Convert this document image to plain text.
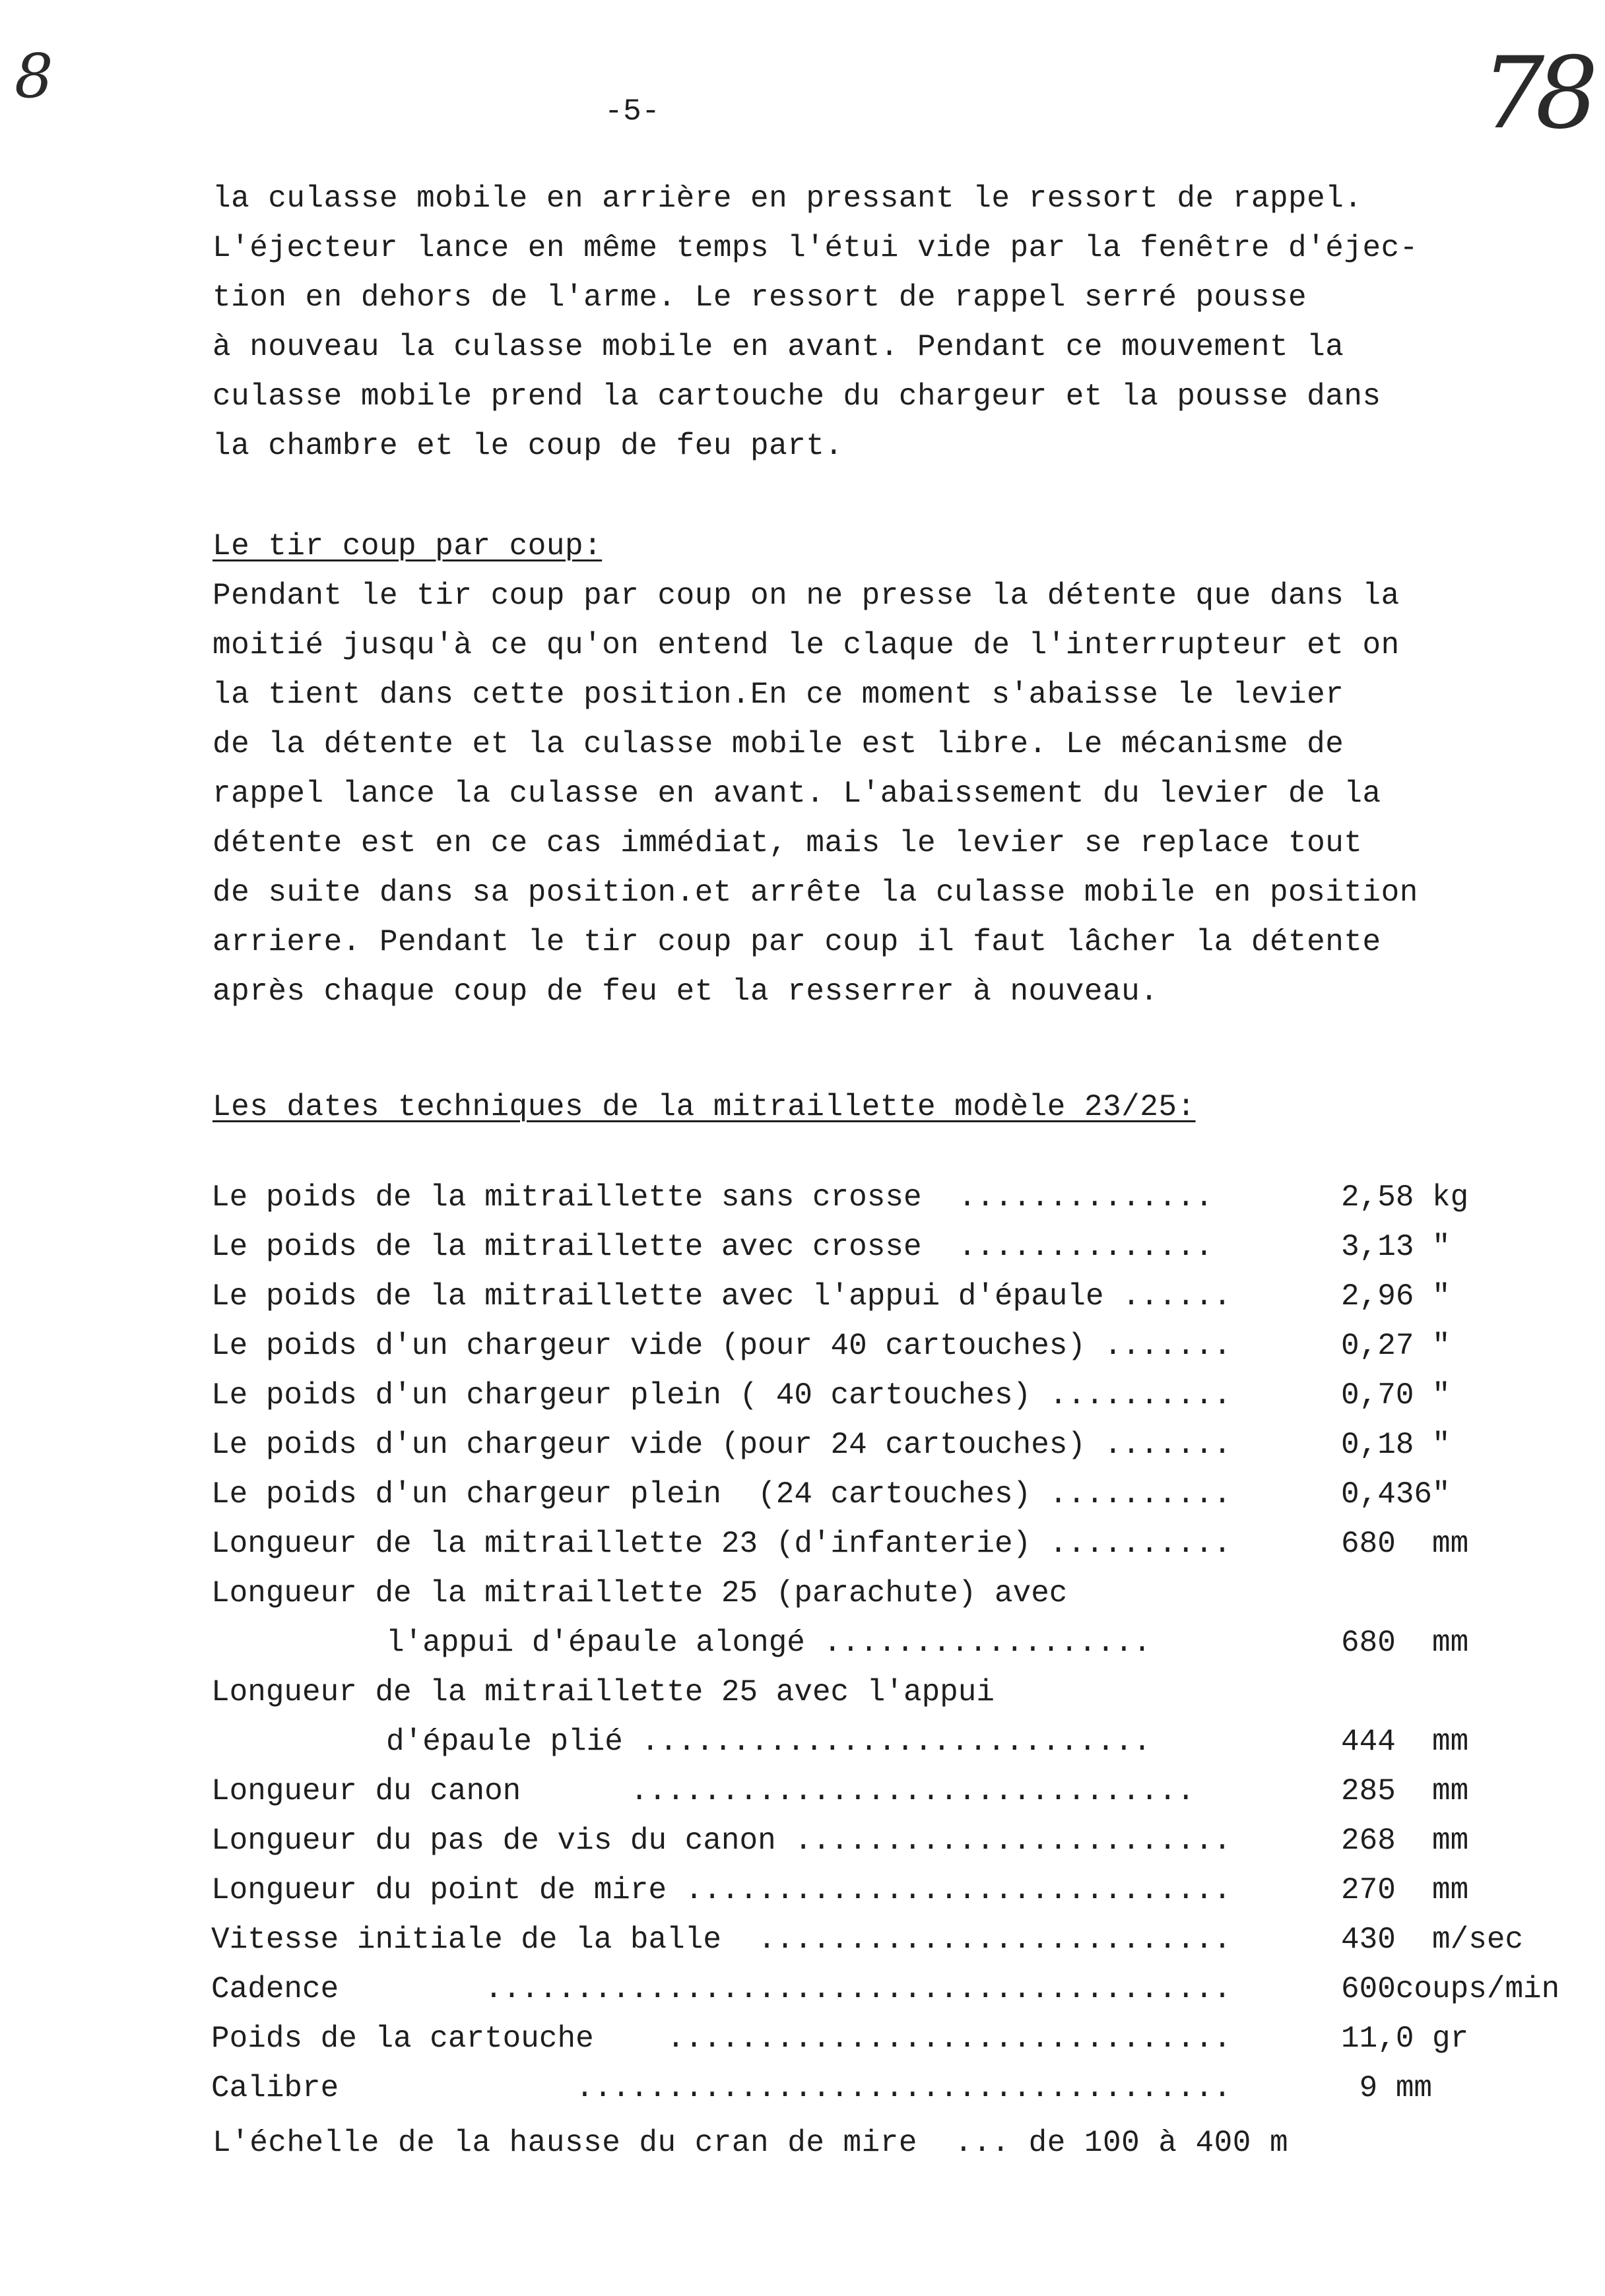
8	78
-5-
la culasse mobile en arrière en pressant le ressort de rappel.
L'éjecteur lance en même temps l'étui vide par la fenêtre d'éjec-
tion en dehors de l'arme. Le ressort de rappel serré pousse
à nouveau la culasse mobile en avant. Pendant ce mouvement la
culasse mobile prend la cartouche du chargeur et la pousse dans
la chambre et le coup de feu part.
Le tir coup par coup:
Pendant le tir coup par coup on ne presse la détente que dans la
moitié jusqu'à ce qu'on entend le claque de l'interrupteur et on
la tient dans cette position.En ce moment s'abaisse le levier
de la détente et la culasse mobile est libre. Le mécanisme de
rappel lance la culasse en avant. L'abaissement du levier de la
détente est en ce cas immédiat, mais le levier se replace tout
de suite dans sa position.et arrête la culasse mobile en position
arriere. Pendant le tir coup par coup il faut lâcher la détente
après chaque coup de feu et la resserrer à nouveau.
Les dates techniques de la mitraillette modèle 23/25:
Le poids de la mitraillette sans crosse  ..............	2,58 kg
Le poids de la mitraillette avec crosse  ..............	3,13 "
Le poids de la mitraillette avec l'appui d'épaule ......	2,96 "
Le poids d'un chargeur vide (pour 40 cartouches) .......	0,27 "
Le poids d'un chargeur plein ( 40 cartouches) ..........	0,70 "
Le poids d'un chargeur vide (pour 24 cartouches) .......	0,18 "
Le poids d'un chargeur plein  (24 cartouches) ..........	0,436"
Longueur de la mitraillette 23 (d'infanterie) ..........	680  mm
Longueur de la mitraillette 25 (parachute) avec
l'appui d'épaule alongé ..................	680  mm
Longueur de la mitraillette 25 avec l'appui
d'épaule plié ............................	444  mm
Longueur du canon      ...............................	285  mm
Longueur du pas de vis du canon ........................	268  mm
Longueur du point de mire ..............................	270  mm
Vitesse initiale de la balle  ..........................	430  m/sec
Cadence        .........................................	600coups/min
Poids de la cartouche    ...............................	11,0 gr
Calibre             ....................................	9 mm
L'échelle de la hausse du cran de mire  ... de 100 à 400 m
